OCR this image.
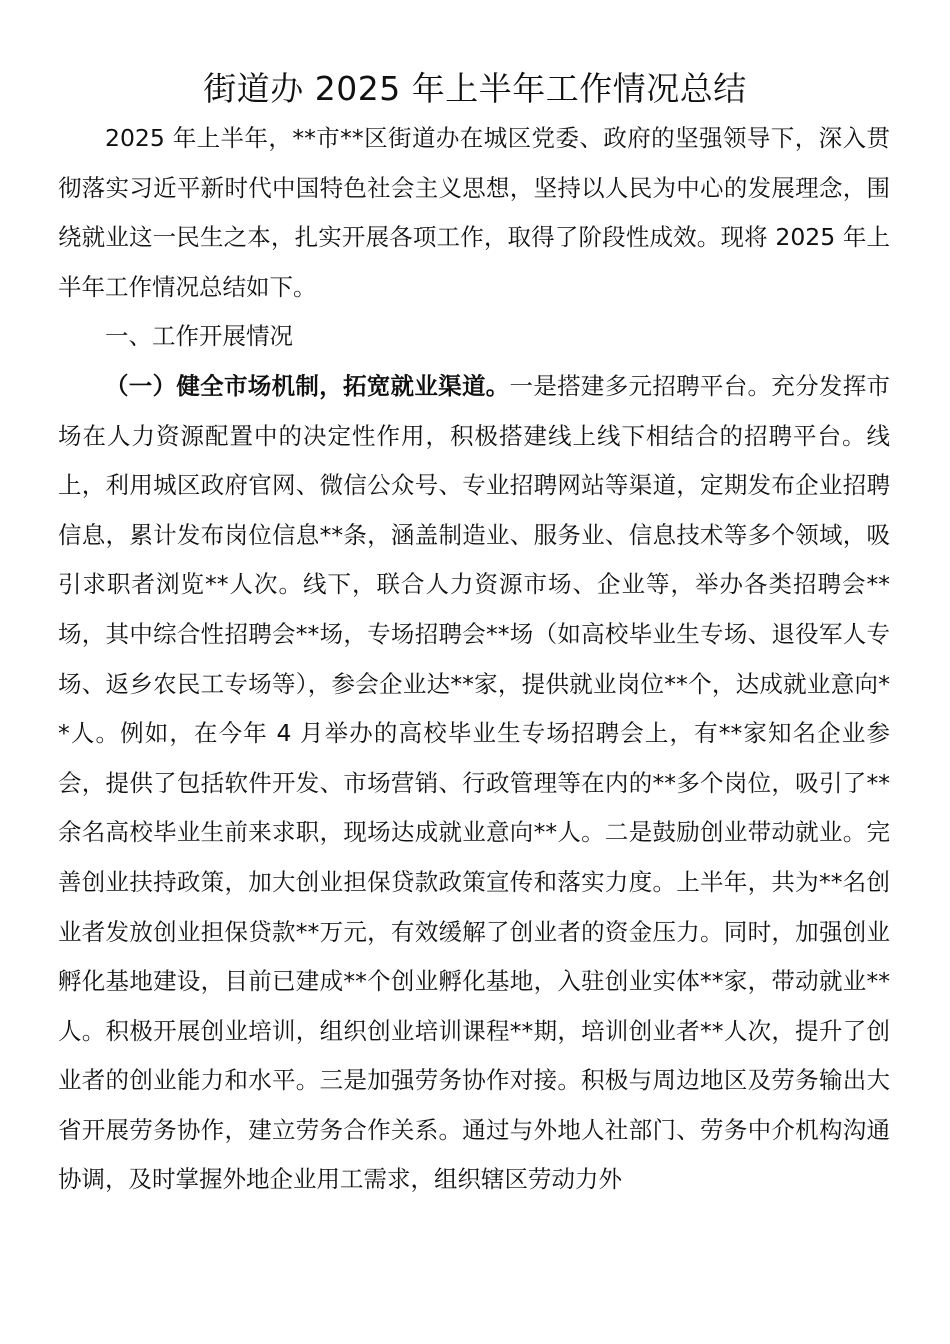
街道办 2025 年上半年工作情况总结

2025 年上半年，**市**区街道办在城区党委、政府的坚强领导下，深入贯彻落实习近平新时代中国特色社会主义思想，坚持以人民为中心的发展理念，围绕就业这一民生之本，扎实开展各项工作，取得了阶段性成效。现将 2025 年上半年工作情况总结如下。

一、工作开展情况

（一）健全市场机制，拓宽就业渠道。一是搭建多元招聘平台。充分发挥市场在人力资源配置中的决定性作用，积极搭建线上线下相结合的招聘平台。线上，利用城区政府官网、微信公众号、专业招聘网站等渠道，定期发布企业招聘信息，累计发布岗位信息**条，涵盖制造业、服务业、信息技术等多个领域，吸引求职者浏览**人次。线下，联合人力资源市场、企业等，举办各类招聘会**场，其中综合性招聘会**场，专场招聘会**场（如高校毕业生专场、退役军人专场、返乡农民工专场等），参会企业达**家，提供就业岗位**个，达成就业意向**人。例如，在今年 4 月举办的高校毕业生专场招聘会上，有**家知名企业参会，提供了包括软件开发、市场营销、行政管理等在内的**多个岗位，吸引了**余名高校毕业生前来求职，现场达成就业意向**人。二是鼓励创业带动就业。完善创业扶持政策，加大创业担保贷款政策宣传和落实力度。上半年，共为**名创业者发放创业担保贷款**万元，有效缓解了创业者的资金压力。同时，加强创业孵化基地建设，目前已建成**个创业孵化基地，入驻创业实体**家，带动就业**人。积极开展创业培训，组织创业培训课程**期，培训创业者**人次，提升了创业者的创业能力和水平。三是加强劳务协作对接。积极与周边地区及劳务输出大省开展劳务协作，建立劳务合作关系。通过与外地人社部门、劳务中介机构沟通协调，及时掌握外地企业用工需求，组织辖区劳动力外
